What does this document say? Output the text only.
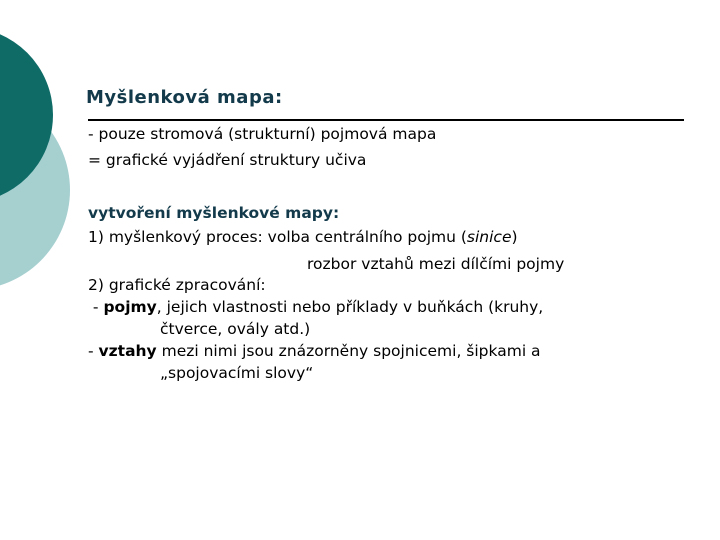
Myšlenková mapa:
- pouze stromová (strukturní) pojmová mapa
= grafické vyjádření struktury učiva
vytvoření myšlenkové mapy:
1) myšlenkový proces: volba centrálního pojmu (sinice)
rozbor vztahů mezi dílčími pojmy
2) grafické zpracování:
- pojmy, jejich vlastnosti nebo příklady v buňkách (kruhy,
čtverce, ovály atd.)
- vztahy mezi nimi jsou znázorněny spojnicemi, šipkami a
„spojovacími slovy“
